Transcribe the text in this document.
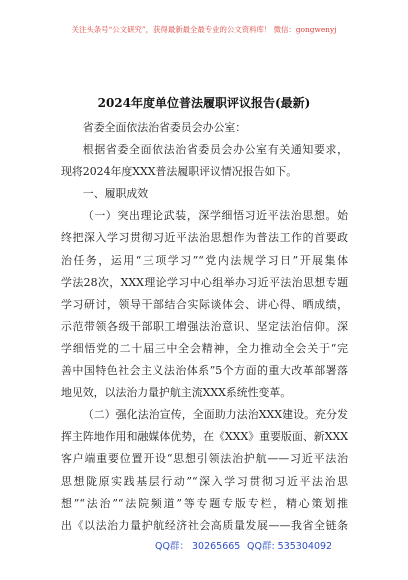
关注头条号“公文研究”，获得最新最全最专业的公文资料库！ 微信：gongwenyj
2024年度单位普法履职评议报告(最新)
省委全面依法治省委员会办公室：
根据省委全面依法治省委员会办公室有关通知要求，
现将2024年度XXX普法履职评议情况报告如下。
一、履职成效
（一）突出理论武装，深学细悟习近平法治思想。始
终把深入学习贯彻习近平法治思想作为普法工作的首要政
治任务，运用“三项学习”“党内法规学习日”开展集体
学法28次，XXX理论学习中心组举办习近平法治思想专题
学习研讨，领导干部结合实际谈体会、讲心得、晒成绩，
示范带领各级干部职工增强法治意识、坚定法治信仰。深
学细悟党的二十届三中全会精神，全力推动全会关于“完
善中国特色社会主义法治体系”5个方面的重大改革部署落
地见效，以法治力量护航主流XXX系统性变革。
（二）强化法治宣传，全面助力法治XXX建设。充分发
挥主阵地作用和融媒体优势，在《XXX》重要版面、新XXX
客户端重要位置开设“思想引领法治护航——习近平法治
思想陇原实践基层行动”“深入学习贯彻习近平法治思
想”“法治”“法院频道”等专题专版专栏，精心策划推
出《以法治力量护航经济社会高质量发展——我省全链条
QQ群： 30265665 QQ群: 535304092
